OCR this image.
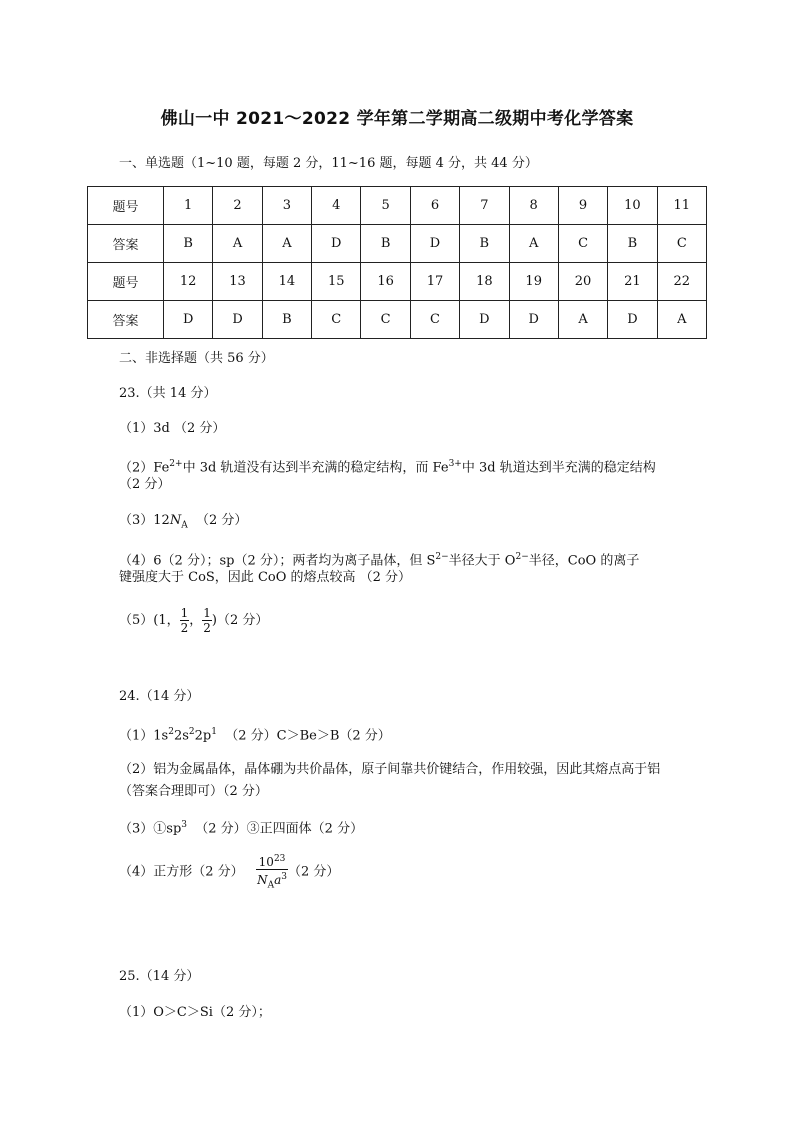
佛山一中 2021～2022 学年第二学期高二级期中考化学答案
一、单选题（1~10 题，每题 2 分，11~16 题，每题 4 分，共 44 分）
题号	1	2	3	4	5	6	7	8	9	10	11
答案	B	A	A	D	B	D	B	A	C	B	C
题号	12	13	14	15	16	17	18	19	20	21	22
答案	D	D	B	C	C	C	D	D	A	D	A
二、非选择题（共 56 分）
23.（共 14 分）
（1）3d （2 分）
$(2)Fe^{2+}$中 3d 轨道没有达到半充满的稳定结构，而 $Fe^{3+}$中 3d 轨道达到半充满的稳定结构
（2 分）
$(3)12N_A$ （2 分）
（4）6（2 分）；sp（2 分）；两者均为离子晶体，但 $S^{2-}$半径大于 $O^{2-}$半径，CoO 的离子
键强度大于 CoS，因此 CoO 的熔点较高 （2 分）
（5）(1， $\frac{1}{2}$ ， $\frac{1}{2} )(2$ 分）
24.（14 分）
$(1)1s^22s^22p^1$ （2 分）C＞Be＞B（2 分）
（2）铝为金属晶体，晶体硼为共价晶体，原子间靠共价键结合，作用较强，因此其熔点高于铝（答案合理即可）（2 分）
$(3)①sp^3$ （2 分）③正四面体（2 分）
（4）正方形（2 分） $\frac{10^{23}}{N_Aa^3} (2$ 分）
25.（14 分）
（1）O＞C＞Si（2 分）；
